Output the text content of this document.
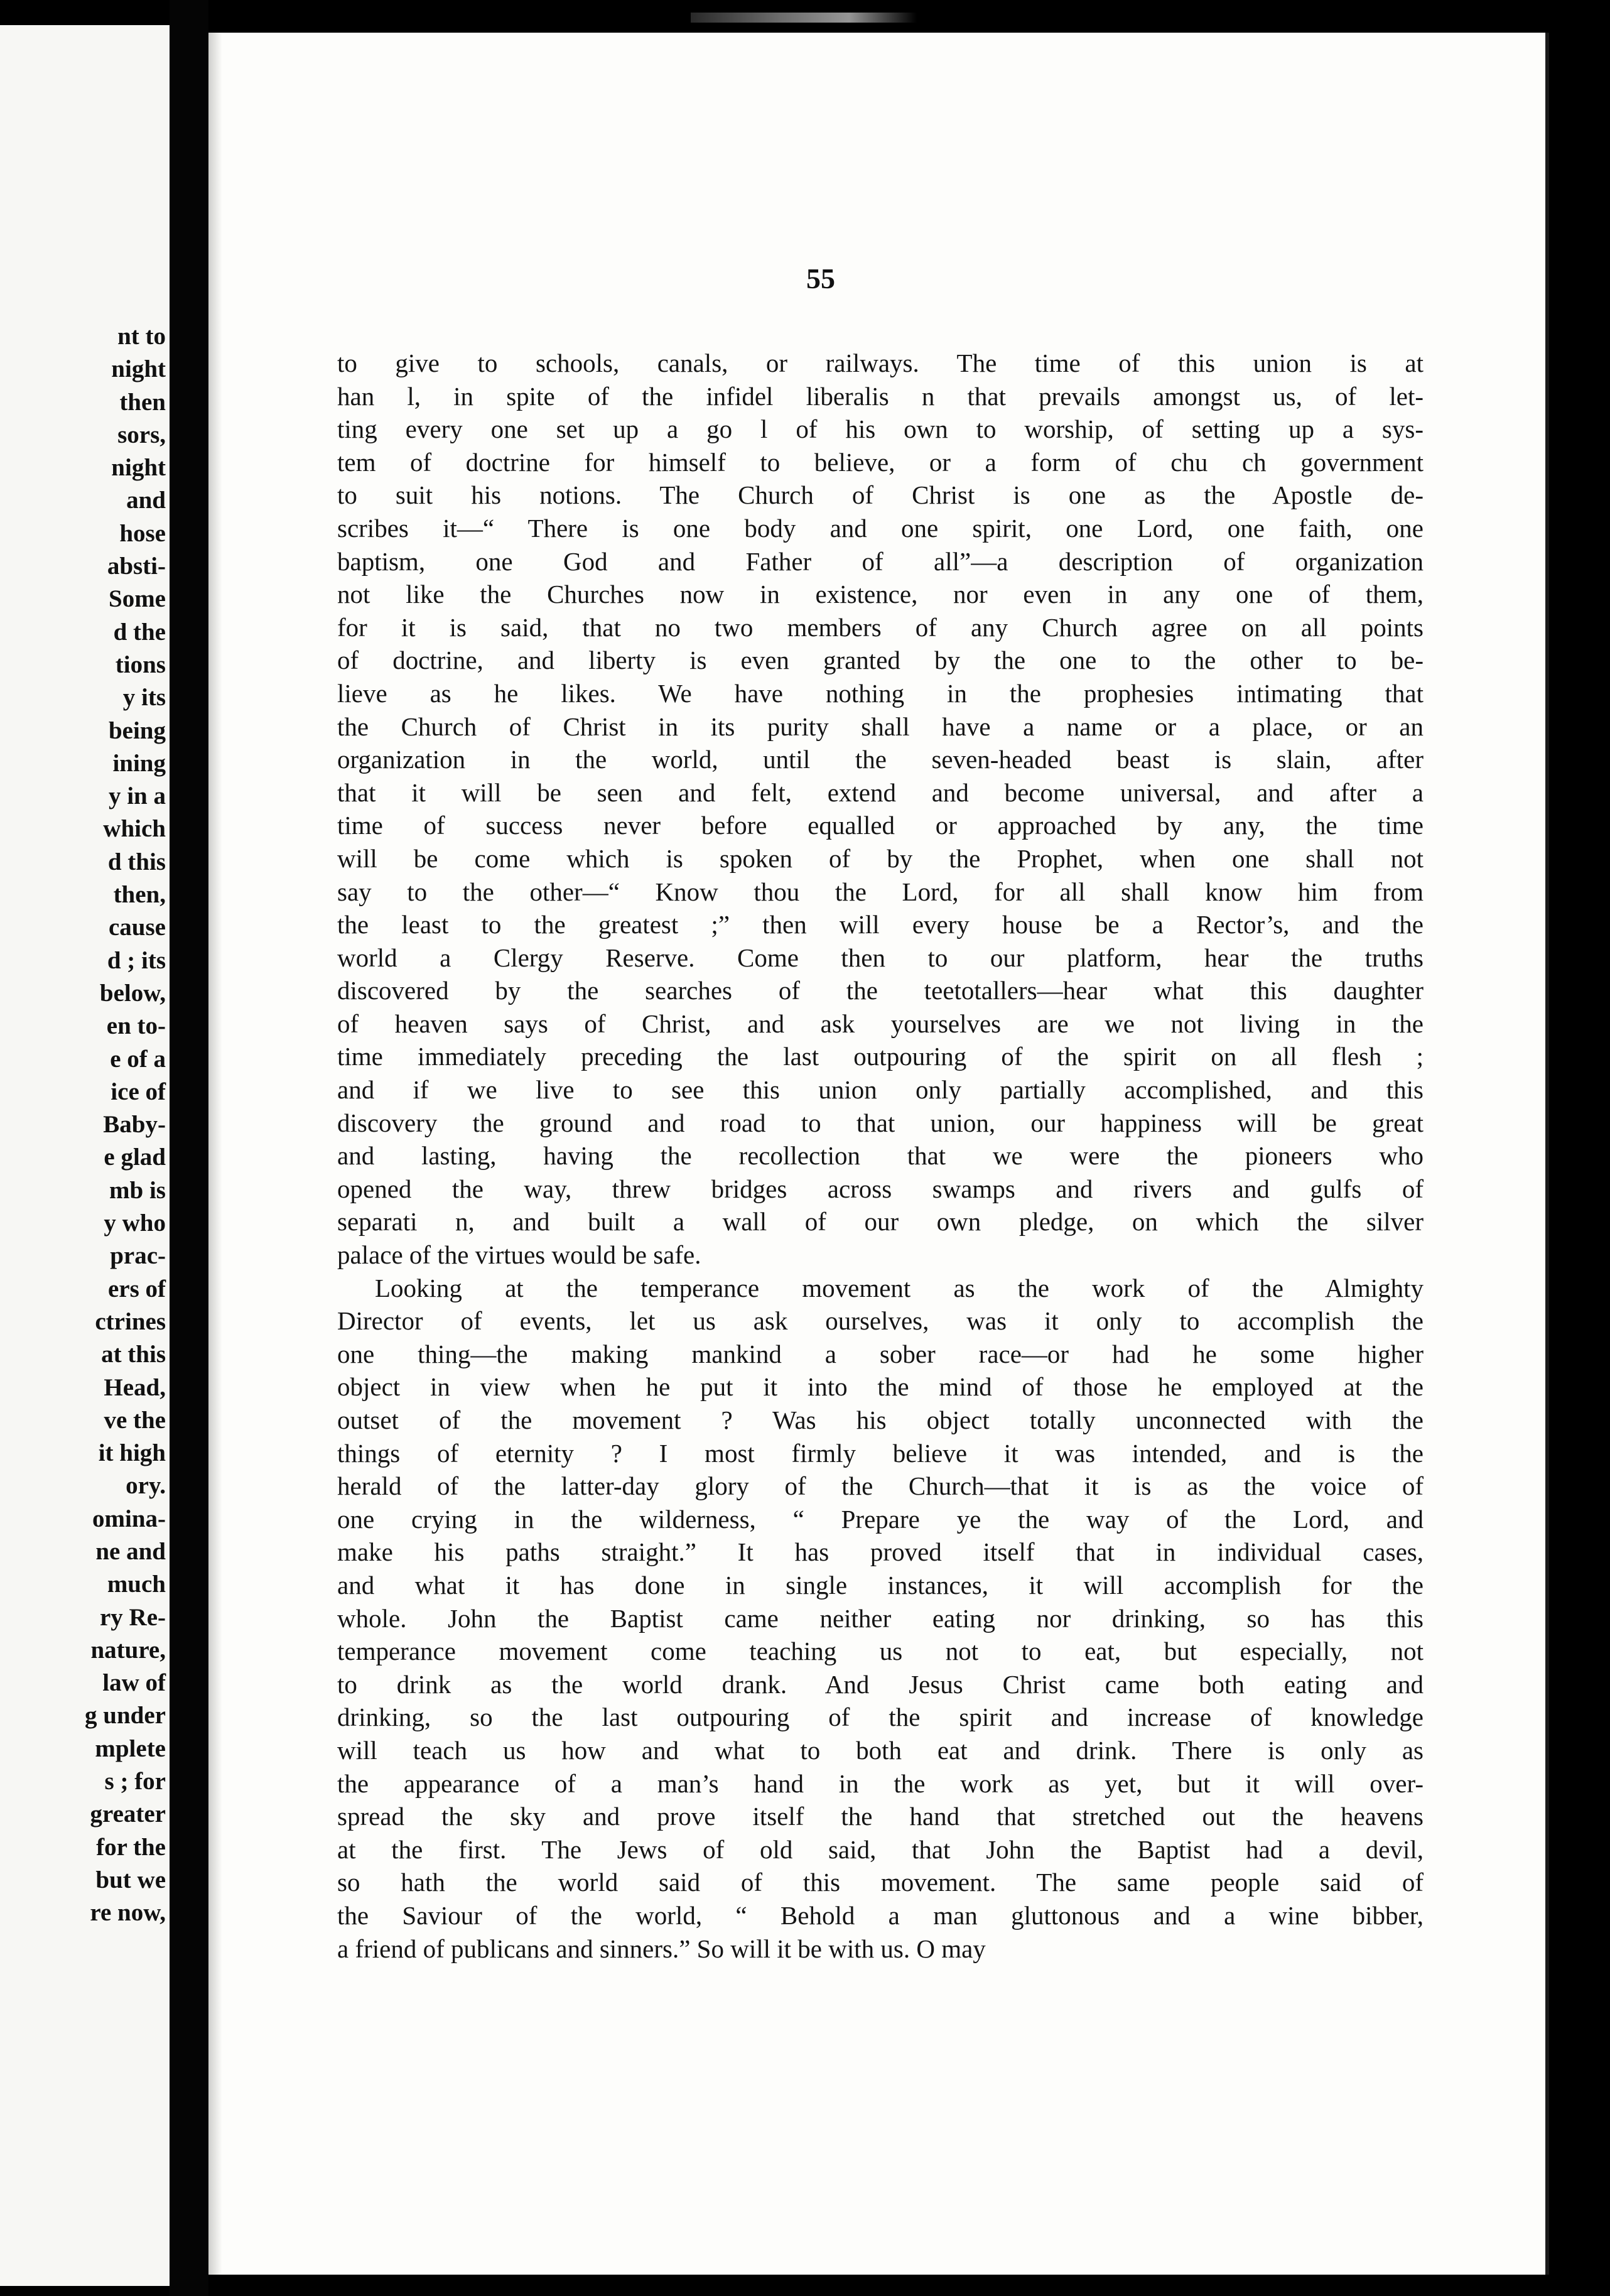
nt to
night
then
sors,
night
and
hose
absti-
Some
d the
tions
y its
being
ining
y in a
which
d this
then,
cause
d ; its
below,
en to-
e of a
ice of
Baby-
e glad
mb is
y who
prac-
ers of
ctrines
at this
Head,
ve the
it high
ory.
omina-
ne and
much
ry Re-
nature,
law of
g under
mplete
s ; for
greater
for the
but we
re now,
55
to give to schools, canals, or railways. The time of this union is at
han l, in spite of the infidel liberalis n that prevails amongst us, of let-
ting every one set up a go l of his own to worship, of setting up a sys-
tem of doctrine for himself to believe, or a form of chu ch government
to suit his notions. The Church of Christ is one as the Apostle de-
scribes it—“ There is one body and one spirit, one Lord, one faith, one
baptism, one God and Father of all”—a description of organization
not like the Churches now in existence, nor even in any one of them,
for it is said, that no two members of any Church agree on all points
of doctrine, and liberty is even granted by the one to the other to be-
lieve as he likes. We have nothing in the prophesies intimating that
the Church of Christ in its purity shall have a name or a place, or an
organization in the world, until the seven-headed beast is slain, after
that it will be seen and felt, extend and become universal, and after a
time of success never before equalled or approached by any, the time
will be come which is spoken of by the Prophet, when one shall not
say to the other—“ Know thou the Lord, for all shall know him from
the least to the greatest ;” then will every house be a Rector’s, and the
world a Clergy Reserve. Come then to our platform, hear the truths
discovered by the searches of the teetotallers—hear what this daughter
of heaven says of Christ, and ask yourselves are we not living in the
time immediately preceding the last outpouring of the spirit on all flesh ;
and if we live to see this union only partially accomplished, and this
discovery the ground and road to that union, our happiness will be great
and lasting, having the recollection that we were the pioneers who
opened the way, threw bridges across swamps and rivers and gulfs of
separati n, and built a wall of our own pledge, on which the silver
palace of the virtues would be safe.
Looking at the temperance movement as the work of the Almighty
Director of events, let us ask ourselves, was it only to accomplish the
one thing—the making mankind a sober race—or had he some higher
object in view when he put it into the mind of those he employed at the
outset of the movement ? Was his object totally unconnected with the
things of eternity ? I most firmly believe it was intended, and is the
herald of the latter-day glory of the Church—that it is as the voice of
one crying in the wilderness, “ Prepare ye the way of the Lord, and
make his paths straight.” It has proved itself that in individual cases,
and what it has done in single instances, it will accomplish for the
whole. John the Baptist came neither eating nor drinking, so has this
temperance movement come teaching us not to eat, but especially, not
to drink as the world drank. And Jesus Christ came both eating and
drinking, so the last outpouring of the spirit and increase of knowledge
will teach us how and what to both eat and drink. There is only as
the appearance of a man’s hand in the work as yet, but it will over-
spread the sky and prove itself the hand that stretched out the heavens
at the first. The Jews of old said, that John the Baptist had a devil,
so hath the world said of this movement. The same people said of
the Saviour of the world, “ Behold a man gluttonous and a wine bibber,
a friend of publicans and sinners.” So will it be with us. O may
